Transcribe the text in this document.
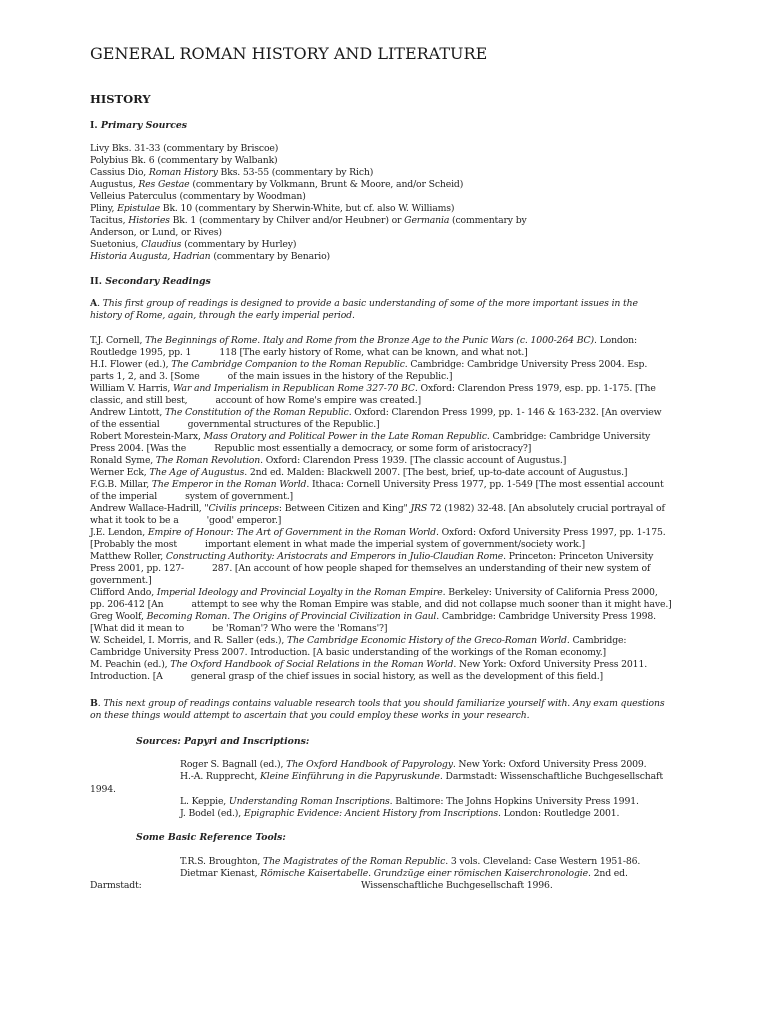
GENERAL ROMAN HISTORY AND LITERATURE
HISTORY
I. Primary Sources
Livy Bks. 31-33 (commentary by Briscoe)
Polybius Bk. 6 (commentary by Walbank)
Cassius Dio, Roman History Bks. 53-55 (commentary by Rich)
Augustus, Res Gestae (commentary by Volkmann, Brunt & Moore, and/or Scheid)
Velleius Paterculus (commentary by Woodman)
Pliny, Epistulae Bk. 10 (commentary by Sherwin-White, but cf. also W. Williams)
Tacitus, Histories Bk. 1 (commentary by Chilver and/or Heubner) or Germania (commentary by
Anderson, or Lund, or Rives)
Suetonius, Claudius (commentary by Hurley)
Historia Augusta, Hadrian (commentary by Benario)
II. Secondary Readings
A. This first group of readings is designed to provide a basic understanding of some of the more important issues in the
history of Rome, again, through the early imperial period.
T.J. Cornell, The Beginnings of Rome. Italy and Rome from the Bronze Age to the Punic Wars (c. 1000-264 BC). London:
Routledge 1995, pp. 1          118 [The early history of Rome, what can be known, and what not.]
H.I. Flower (ed.), The Cambridge Companion to the Roman Republic. Cambridge: Cambridge University Press 2004. Esp.
parts 1, 2, and 3. [Some          of the main issues in the history of the Republic.]
William V. Harris, War and Imperialism in Republican Rome 327-70 BC. Oxford: Clarendon Press 1979, esp. pp. 1-175. [The
classic, and still best,          account of how Rome's empire was created.]
Andrew Lintott, The Constitution of the Roman Republic. Oxford: Clarendon Press 1999, pp. 1- 146 & 163-232. [An overview
of the essential          governmental structures of the Republic.]
Robert Morestein-Marx, Mass Oratory and Political Power in the Late Roman Republic. Cambridge: Cambridge University
Press 2004. [Was the          Republic most essentially a democracy, or some form of aristocracy?]
Ronald Syme, The Roman Revolution. Oxford: Clarendon Press 1939. [The classic account of Augustus.]
Werner Eck, The Age of Augustus. 2nd ed. Malden: Blackwell 2007. [The best, brief, up-to-date account of Augustus.]
F.G.B. Millar, The Emperor in the Roman World. Ithaca: Cornell University Press 1977, pp. 1-549 [The most essential account
of the imperial          system of government.]
Andrew Wallace-Hadrill, "Civilis princeps: Between Citizen and King" JRS 72 (1982) 32-48. [An absolutely crucial portrayal of
what it took to be a          'good' emperor.]
J.E. Lendon, Empire of Honour: The Art of Government in the Roman World. Oxford: Oxford University Press 1997, pp. 1-175.
[Probably the most          important element in what made the imperial system of government/society work.]
Matthew Roller, Constructing Authority: Aristocrats and Emperors in Julio-Claudian Rome. Princeton: Princeton University
Press 2001, pp. 127-          287. [An account of how people shaped for themselves an understanding of their new system of
government.]
Clifford Ando, Imperial Ideology and Provincial Loyalty in the Roman Empire. Berkeley: University of California Press 2000,
pp. 206-412 [An          attempt to see why the Roman Empire was stable, and did not collapse much sooner than it might have.]
Greg Woolf, Becoming Roman. The Origins of Provincial Civilization in Gaul. Cambridge: Cambridge University Press 1998.
[What did it mean to          be 'Roman'? Who were the 'Romans'?]
W. Scheidel, I. Morris, and R. Saller (eds.), The Cambridge Economic History of the Greco-Roman World. Cambridge:
Cambridge University Press 2007. Introduction. [A basic understanding of the workings of the Roman economy.]
M. Peachin (ed.), The Oxford Handbook of Social Relations in the Roman World. New York: Oxford University Press 2011.
Introduction. [A          general grasp of the chief issues in social history, as well as the development of this field.]
B. This next group of readings contains valuable research tools that you should familiarize yourself with. Any exam questions
on these things would attempt to ascertain that you could employ these works in your research.
Sources: Papyri and Inscriptions:
Roger S. Bagnall (ed.), The Oxford Handbook of Papyrology. New York: Oxford University Press 2009.
H.-A. Rupprecht, Kleine Einführung in die Papyruskunde. Darmstadt: Wissenschaftliche Buchgesellschaft
1994.
L. Keppie, Understanding Roman Inscriptions. Baltimore: The Johns Hopkins University Press 1991.
J. Bodel (ed.), Epigraphic Evidence: Ancient History from Inscriptions. London: Routledge 2001.
Some Basic Reference Tools:
T.R.S. Broughton, The Magistrates of the Roman Republic. 3 vols. Cleveland: Case Western 1951-86.
Dietmar Kienast, Römische Kaisertabelle. Grundzüge einer römischen Kaiserchronologie. 2nd ed.
Darmstadt:	Wissenschaftliche Buchgesellschaft 1996.
